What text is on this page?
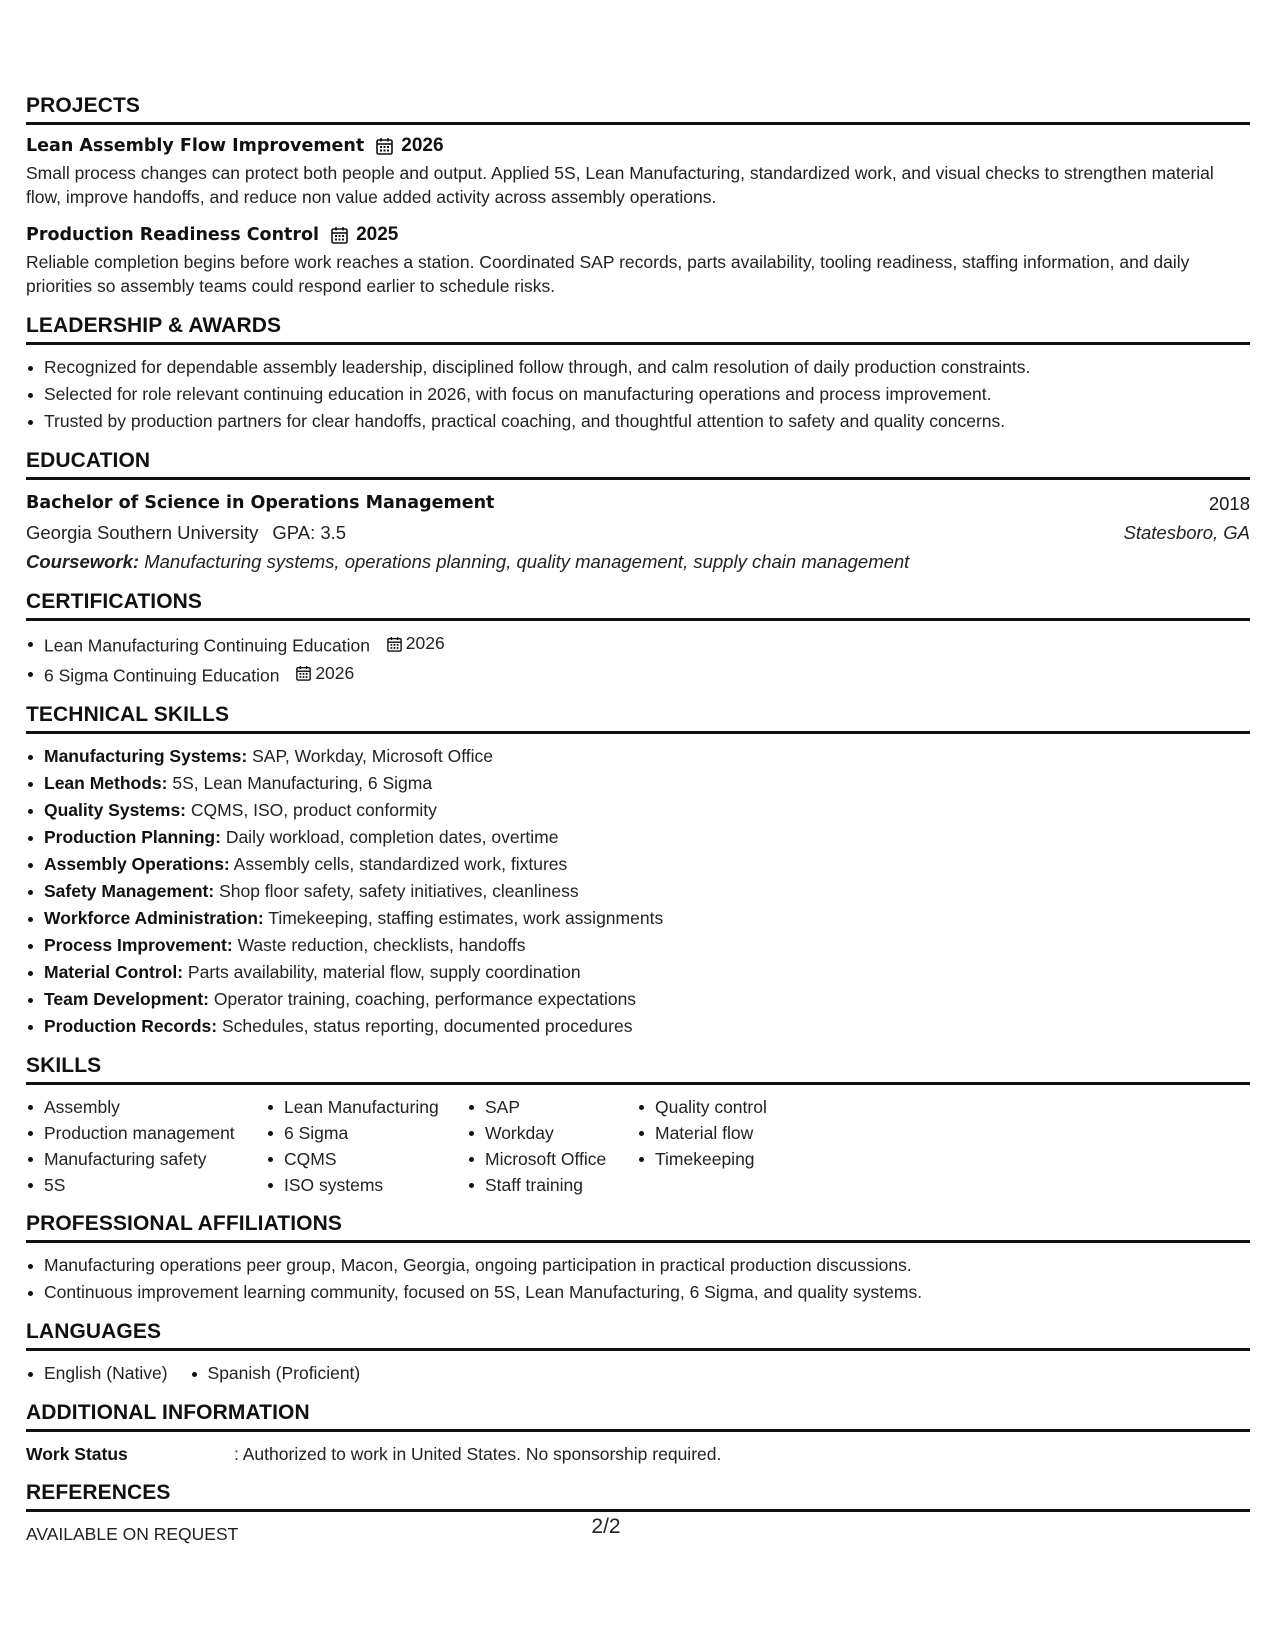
PROJECTS
Lean Assembly Flow Improvement 2026
Small process changes can protect both people and output. Applied 5S, Lean Manufacturing, standardized work, and visual checks to strengthen material flow, improve handoffs, and reduce non value added activity across assembly operations.
Production Readiness Control 2025
Reliable completion begins before work reaches a station. Coordinated SAP records, parts availability, tooling readiness, staffing information, and daily priorities so assembly teams could respond earlier to schedule risks.
LEADERSHIP & AWARDS
Recognized for dependable assembly leadership, disciplined follow through, and calm resolution of daily production constraints.
Selected for role relevant continuing education in 2026, with focus on manufacturing operations and process improvement.
Trusted by production partners for clear handoffs, practical coaching, and thoughtful attention to safety and quality concerns.
EDUCATION
Bachelor of Science in Operations Management	2018
Georgia Southern University GPA: 3.5	Statesboro, GA
Coursework: Manufacturing systems, operations planning, quality management, supply chain management
CERTIFICATIONS
Lean Manufacturing Continuing Education 2026
6 Sigma Continuing Education 2026
TECHNICAL SKILLS
Manufacturing Systems: SAP, Workday, Microsoft Office
Lean Methods: 5S, Lean Manufacturing, 6 Sigma
Quality Systems: CQMS, ISO, product conformity
Production Planning: Daily workload, completion dates, overtime
Assembly Operations: Assembly cells, standardized work, fixtures
Safety Management: Shop floor safety, safety initiatives, cleanliness
Workforce Administration: Timekeeping, staffing estimates, work assignments
Process Improvement: Waste reduction, checklists, handoffs
Material Control: Parts availability, material flow, supply coordination
Team Development: Operator training, coaching, performance expectations
Production Records: Schedules, status reporting, documented procedures
SKILLS
Assembly
Production management
Manufacturing safety
5S
Lean Manufacturing
6 Sigma
CQMS
ISO systems
SAP
Workday
Microsoft Office
Staff training
Quality control
Material flow
Timekeeping
PROFESSIONAL AFFILIATIONS
Manufacturing operations peer group, Macon, Georgia, ongoing participation in practical production discussions.
Continuous improvement learning community, focused on 5S, Lean Manufacturing, 6 Sigma, and quality systems.
LANGUAGES
English (Native)	Spanish (Proficient)
ADDITIONAL INFORMATION
Work Status	: Authorized to work in United States. No sponsorship required.
REFERENCES
AVAILABLE ON REQUEST	2/2
